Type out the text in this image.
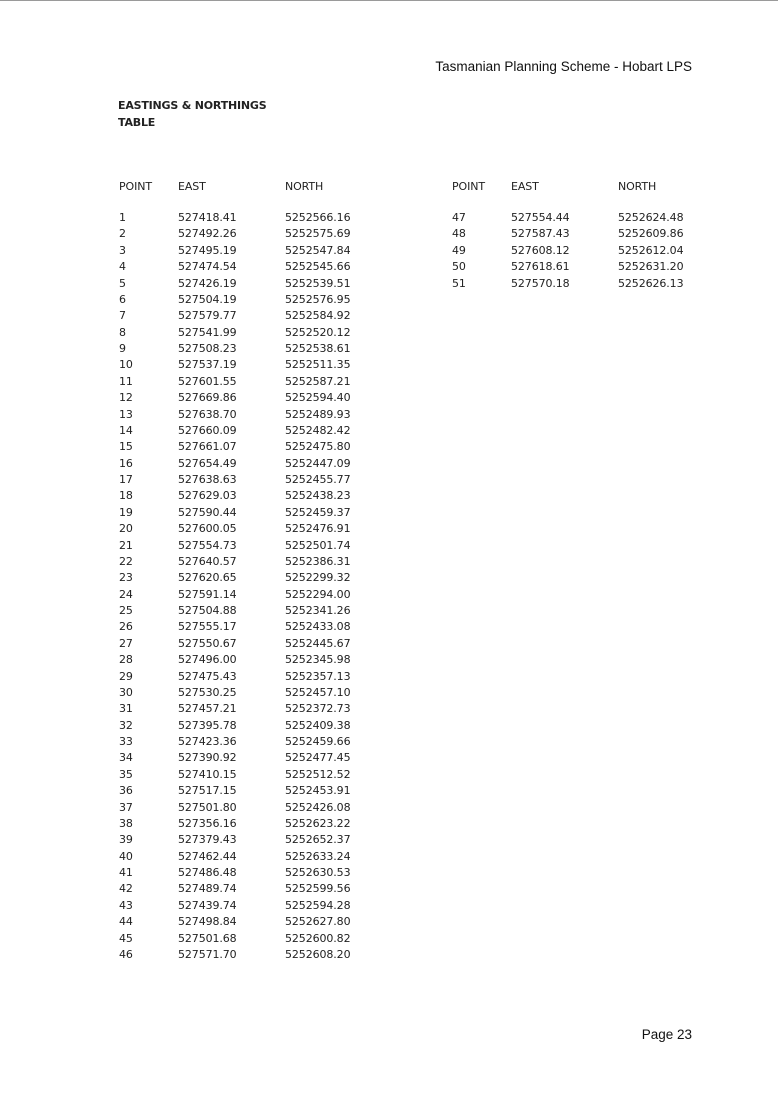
Tasmanian Planning Scheme - Hobart LPS
EASTINGS & NORTHINGS
TABLE
POINT EAST	NORTH
1	527418.41	5252566.16
2	527492.26	5252575.69
3	527495.19	5252547.84
4	527474.54	5252545.66
5	527426.19	5252539.51
6	527504.19	5252576.95
7	527579.77	5252584.92
8	527541.99	5252520.12
9	527508.23	5252538.61
10	527537.19	5252511.35
11	527601.55	5252587.21
12	527669.86	5252594.40
13	527638.70	5252489.93
14	527660.09	5252482.42
15	527661.07	5252475.80
16	527654.49	5252447.09
17	527638.63	5252455.77
18	527629.03	5252438.23
19	527590.44	5252459.37
20	527600.05	5252476.91
21	527554.73	5252501.74
22	527640.57	5252386.31
23	527620.65	5252299.32
24	527591.14	5252294.00
25	527504.88	5252341.26
26	527555.17	5252433.08
27	527550.67	5252445.67
28	527496.00	5252345.98
29	527475.43	5252357.13
30	527530.25	5252457.10
31	527457.21	5252372.73
32	527395.78	5252409.38
33	527423.36	5252459.66
34	527390.92	5252477.45
35	527410.15	5252512.52
36	527517.15	5252453.91
37	527501.80	5252426.08
38	527356.16	5252623.22
39	527379.43	5252652.37
40	527462.44	5252633.24
41	527486.48	5252630.53
42	527489.74	5252599.56
43	527439.74	5252594.28
44	527498.84	5252627.80
45	527501.68	5252600.82
46	527571.70	5252608.20
POINT EAST	NORTH
47	527554.44	5252624.48
48	527587.43	5252609.86
49	527608.12	5252612.04
50	527618.61	5252631.20
51	527570.18	5252626.13
Page 23
